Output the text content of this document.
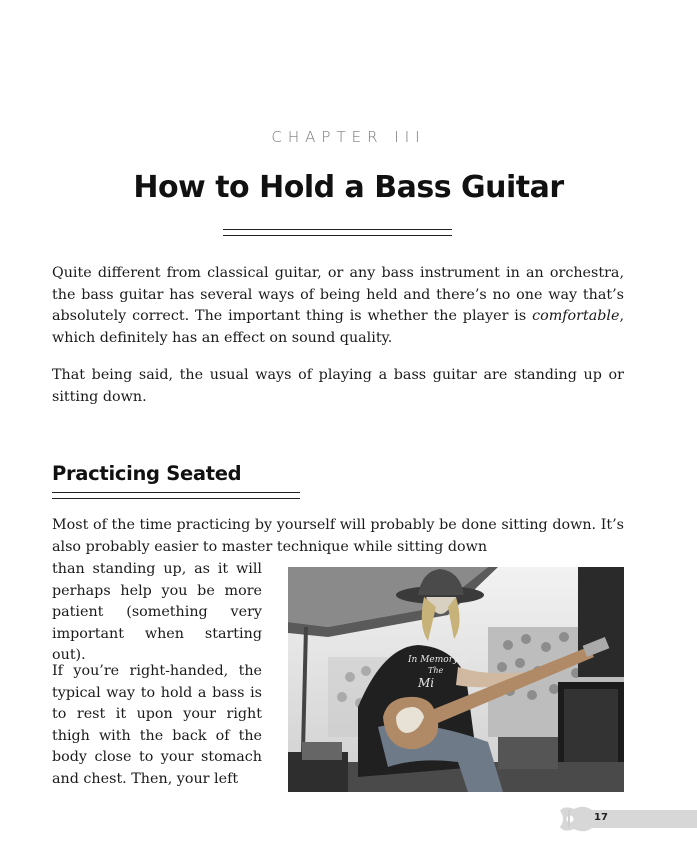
CHAPTER III
How to Hold a Bass Guitar

Quite different from classical guitar, or any bass instrument in an orchestra, the bass guitar has several ways of being held and there’s no one way that’s absolutely correct. The important thing is whether the player is comfortable, which definitely has an effect on sound quality.

That being said, the usual ways of playing a bass guitar are standing up or sitting down.

Practicing Seated

Most of the time practicing by yourself will probably be done sitting down. It’s also probably easier to master technique while sitting down

than standing up, as it will perhaps help you be more patient (something very important when starting out).

If you’re right-handed, the typical way to hold a bass is to rest it upon your right thigh with the back of the body close to your stomach and chest. Then, your left

In Memory of
The
Mi
17
